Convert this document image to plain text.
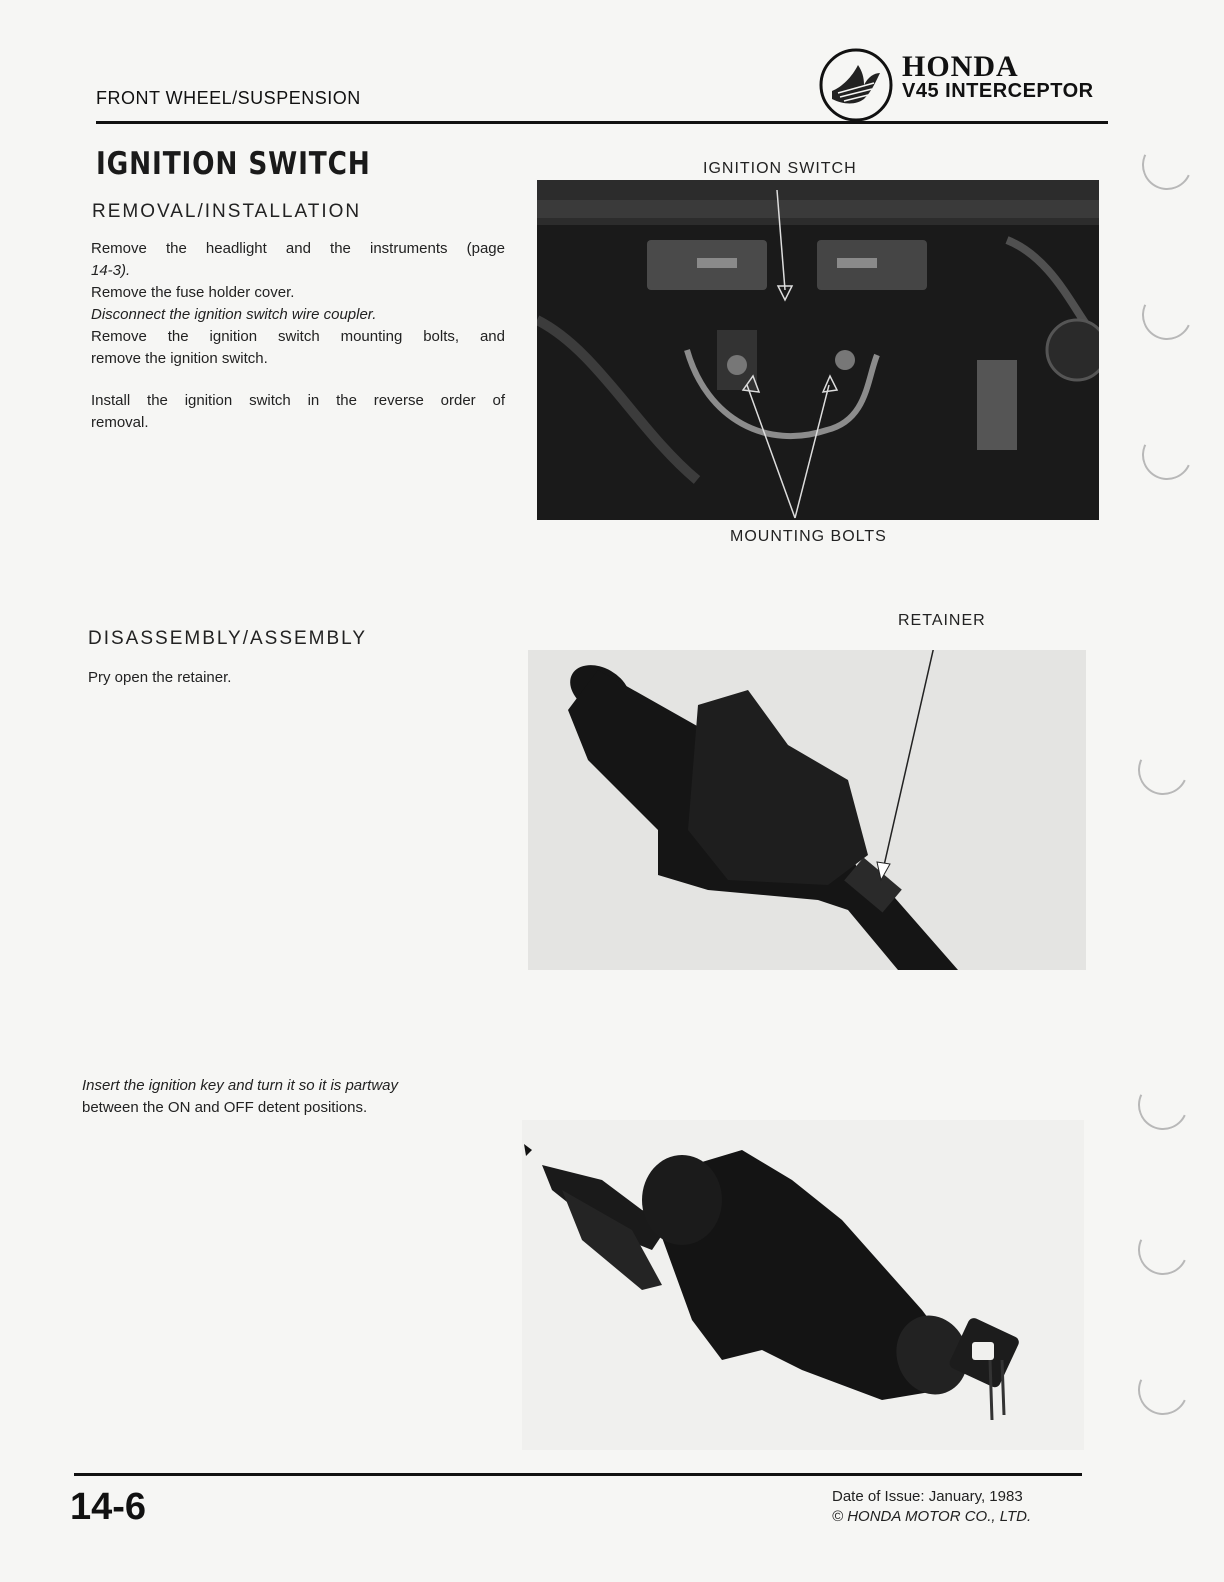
FRONT WHEEL/SUSPENSION
HONDA
V45 INTERCEPTOR
IGNITION SWITCH
REMOVAL/INSTALLATION
Remove the headlight and the instruments (page
14-3).
Remove the fuse holder cover.
Disconnect the ignition switch wire coupler.
Remove the ignition switch mounting bolts, and
remove the ignition switch.
Install the ignition switch in the reverse order of
removal.
IGNITION SWITCH
MOUNTING BOLTS
DISASSEMBLY/ASSEMBLY
Pry open the retainer.
RETAINER
Insert the ignition key and turn it so it is partway
between the ON and OFF detent positions.
14-6	Date of Issue: January, 1983
© HONDA MOTOR CO., LTD.
